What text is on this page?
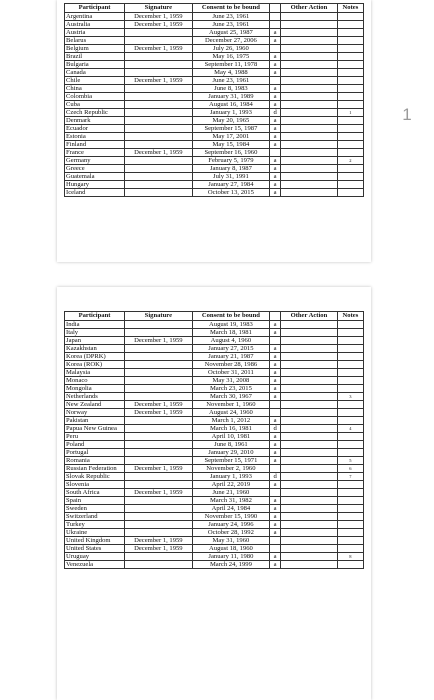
1
Participant	Signature	Consent to be bound		Other Action	Notes
Argentina	December 1, 1959	June 23, 1961			
Australia	December 1, 1959	June 23, 1961			
Austria		August 25, 1987	a		
Belarus		December 27, 2006	a		
Belgium	December 1, 1959	July 26, 1960			
Brazil		May 16, 1975	a		
Bulgaria		September 11, 1978	a		
Canada		May 4, 1988	a		
Chile	December 1, 1959	June 23, 1961			
China		June 8, 1983	a		
Colombia		January 31, 1989	a		
Cuba		August 16, 1984	a		
Czech Republic		January 1, 1993	d		$^1$
Denmark		May 20, 1965	a		
Ecuador		September 15, 1987	a		
Estonia		May 17, 2001	a		
Finland		May 15, 1984	a		
France	December 1, 1959	September 16, 1960			
Germany		February 5, 1979	a		$^2$
Greece		January 8, 1987	a		
Guatemala		July 31, 1991	a		
Hungary		January 27, 1984	a		
Iceland		October 13, 2015	a		
Participant	Signature	Consent to be bound		Other Action	Notes
India		August 19, 1983	a		
Italy		March 18, 1981	a		
Japan	December 1, 1959	August 4, 1960			
Kazakhstan		January 27, 2015	a		
Korea (DPRK)		January 21, 1987	a		
Korea (ROK)		November 28, 1986	a		
Malaysia		October 31, 2011	a		
Monaco		May 31, 2008	a		
Mongolia		March 23, 2015	a		
Netherlands		March 30, 1967	a		$^3$
New Zealand	December 1, 1959	November 1, 1960			
Norway	December 1, 1959	August 24, 1960			
Pakistan		March 1, 2012	a		
Papua New Guinea		March 16, 1981	d		$^4$
Peru		April 10, 1981	a		
Poland		June 8, 1961	a		
Portugal		January 29, 2010	a		
Romania		September 15, 1971	a		$^5$
Russian Federation	December 1, 1959	November 2, 1960			$^6$
Slovak Republic		January 1, 1993	d		$^7$
Slovenia		April 22, 2019	a		
South Africa	December 1, 1959	June 21, 1960			
Spain		March 31, 1982	a		
Sweden		April 24, 1984	a		
Switzerland		November 15, 1990	a		
Turkey		January 24, 1996	a		
Ukraine		October 28, 1992	a		
United Kingdom	December 1, 1959	May 31, 1960			
United States	December 1, 1959	August 18, 1960			
Uruguay		January 11, 1980	a		$^8$
Venezuela		March 24, 1999	a		
